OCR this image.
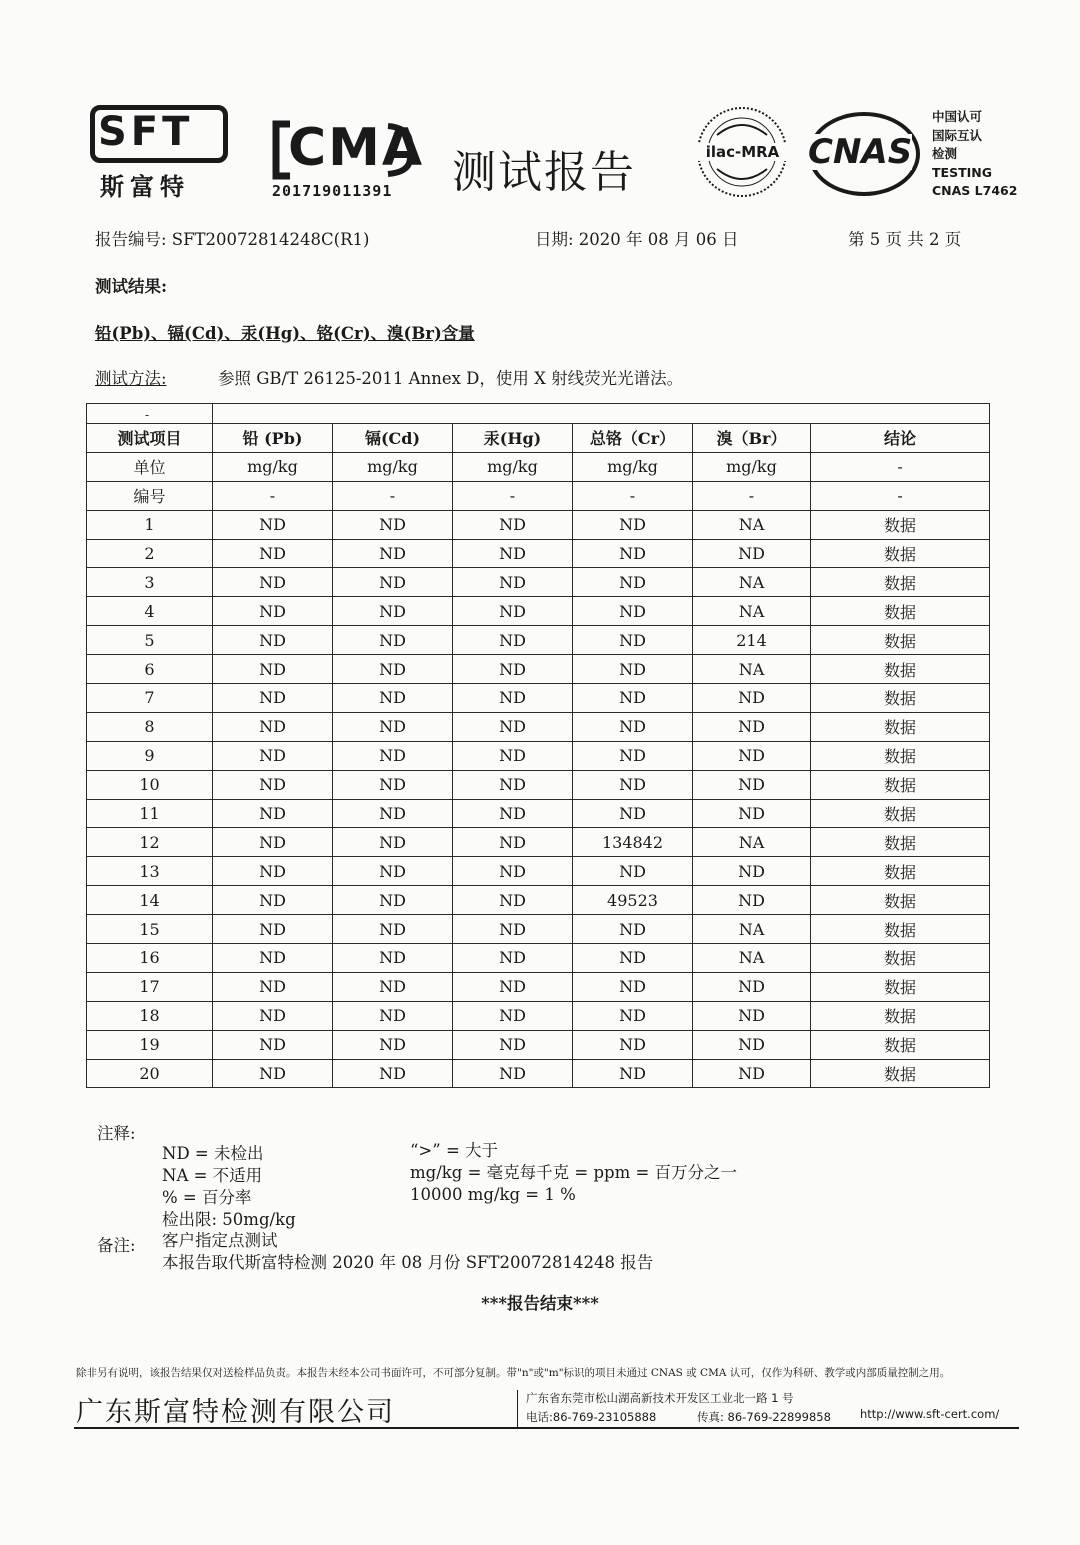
SFT
斯富特
CMA
201719011391 测试报告	ilac-MRA CNAS
中国认可
国际互认
检测
TESTING
CNAS L7462
报告编号: SFT20072814248C(R1)	日期: 2020 年 08 月 06 日	第 5 页 共 2 页
测试结果:
铅(Pb)、镉(Cd)、汞(Hg)、铬(Cr)、溴(Br)含量
测试方法:	参照 GB/T 26125-2011 Annex D，使用 X 射线荧光光谱法。
-						
测试项目	铅 (Pb)	镉(Cd)	汞(Hg)	总铬（Cr）	溴（Br）	结论
单位	mg/kg	mg/kg	mg/kg	mg/kg	mg/kg	-
编号	-	-	-	-	-	-
1	ND	ND	ND	ND	NA	数据
2	ND	ND	ND	ND	ND	数据
3	ND	ND	ND	ND	NA	数据
4	ND	ND	ND	ND	NA	数据
5	ND	ND	ND	ND	214	数据
6	ND	ND	ND	ND	NA	数据
7	ND	ND	ND	ND	ND	数据
8	ND	ND	ND	ND	ND	数据
9	ND	ND	ND	ND	ND	数据
10	ND	ND	ND	ND	ND	数据
11	ND	ND	ND	ND	ND	数据
12	ND	ND	ND	134842	NA	数据
13	ND	ND	ND	ND	ND	数据
14	ND	ND	ND	49523	ND	数据
15	ND	ND	ND	ND	NA	数据
16	ND	ND	ND	ND	NA	数据
17	ND	ND	ND	ND	ND	数据
18	ND	ND	ND	ND	ND	数据
19	ND	ND	ND	ND	ND	数据
20	ND	ND	ND	ND	ND	数据
注释:
ND = 未检出
NA = 不适用
% = 百分率
检出限: 50mg/kg
“>” = 大于
mg/kg = 毫克每千克 = ppm = 百万分之一
10000 mg/kg = 1 %
备注: 客户指定点测试
本报告取代斯富特检测 2020 年 08 月份 SFT20072814248 报告
***报告结束***
除非另有说明，该报告结果仅对送检样品负责。本报告未经本公司书面许可，不可部分复制。带"n"或"m"标识的项目未通过 CNAS 或 CMA 认可，仅作为科研、教学或内部质量控制之用。
广东斯富特检测有限公司	广东省东莞市松山湖高新技术开发区工业北一路 1 号
电话:86-769-23105888	传真: 86-769-22899858	http://www.sft-cert.com/
